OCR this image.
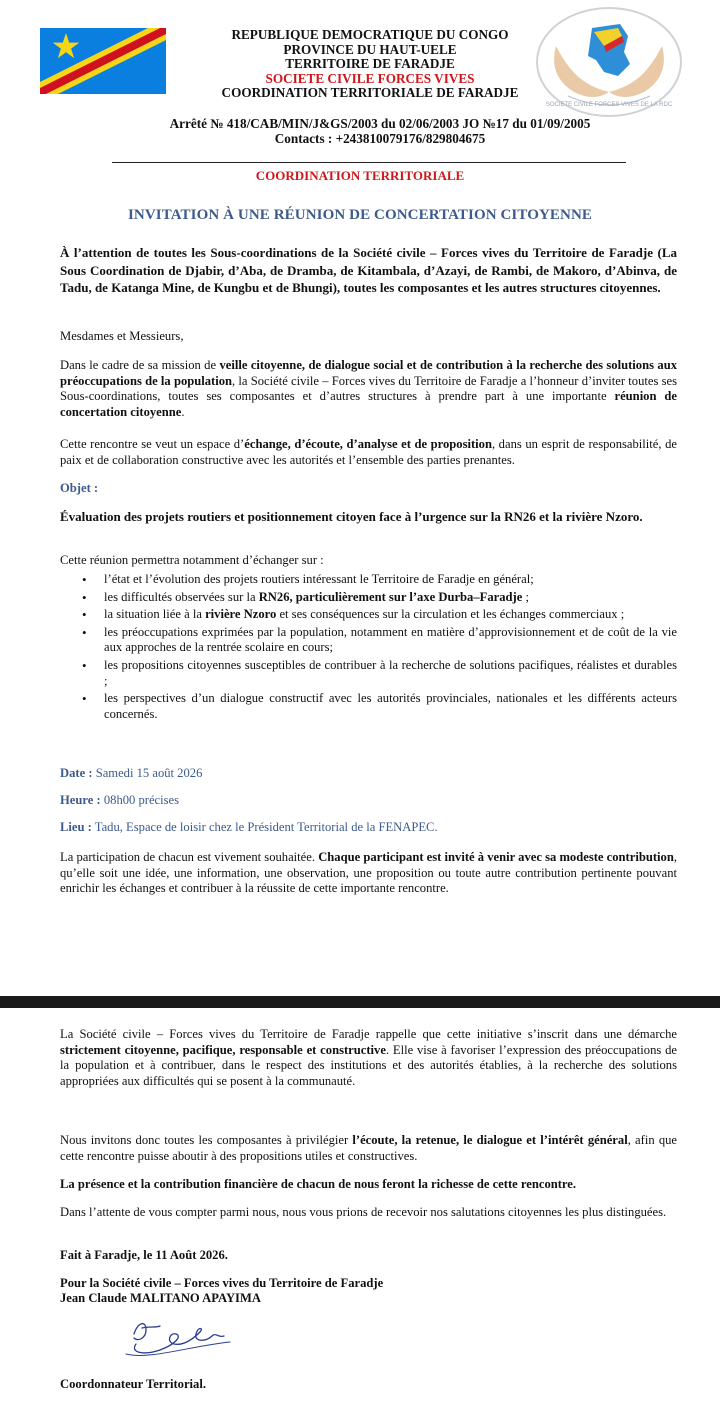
SOCIETE CIVILE FORCES VIVES DE LA RDC
REPUBLIQUE DEMOCRATIQUE DU CONGO
PROVINCE DU HAUT-UELE
TERRITOIRE DE FARADJE
SOCIETE CIVILE FORCES VIVES
COORDINATION TERRITORIALE DE FARADJE
Arrêté № 418/CAB/MIN/J&GS/2003 du 02/06/2003 JO №17 du 01/09/2005
Contacts : +243810079176/829804675
COORDINATION TERRITORIALE
INVITATION À UNE RÉUNION DE CONCERTATION CITOYENNE
À l’attention de toutes les Sous-coordinations de la Société civile – Forces vives du Territoire de Faradje (La Sous Coordination de Djabir, d’Aba, de Dramba, de Kitambala, d’Azayi, de Rambi, de Makoro, d’Abinva, de Tadu, de Katanga Mine, de Kungbu et de Bhungi), toutes les composantes et les autres structures citoyennes.
Mesdames et Messieurs,
Dans le cadre de sa mission de veille citoyenne, de dialogue social et de contribution à la recherche des solutions aux préoccupations de la population, la Société civile – Forces vives du Territoire de Faradje a l’honneur d’inviter toutes ses Sous-coordinations, toutes ses composantes et d’autres structures à prendre part à une importante réunion de concertation citoyenne.
Cette rencontre se veut un espace d’échange, d’écoute, d’analyse et de proposition, dans un esprit de responsabilité, de paix et de collaboration constructive avec les autorités et l’ensemble des parties prenantes.
Objet :
Évaluation des projets routiers et positionnement citoyen face à l’urgence sur la RN26 et la rivière Nzoro.
Cette réunion permettra notamment d’échanger sur :
• l’état et l’évolution des projets routiers intéressant le Territoire de Faradje en général;
• les difficultés observées sur la RN26, particulièrement sur l’axe Durba–Faradje ;
• la situation liée à la rivière Nzoro et ses conséquences sur la circulation et les échanges commerciaux ;
• les préoccupations exprimées par la population, notamment en matière d’approvisionnement et de coût de la vie aux approches de la rentrée scolaire en cours;
• les propositions citoyennes susceptibles de contribuer à la recherche de solutions pacifiques, réalistes et durables ;
• les perspectives d’un dialogue constructif avec les autorités provinciales, nationales et les différents acteurs concernés.
Date : Samedi 15 août 2026
Heure : 08h00 précises
Lieu : Tadu, Espace de loisir chez le Président Territorial de la FENAPEC.
La participation de chacun est vivement souhaitée. Chaque participant est invité à venir avec sa modeste contribution, qu’elle soit une idée, une information, une observation, une proposition ou toute autre contribution pertinente pouvant enrichir les échanges et contribuer à la réussite de cette importante rencontre.
La Société civile – Forces vives du Territoire de Faradje rappelle que cette initiative s’inscrit dans une démarche strictement citoyenne, pacifique, responsable et constructive. Elle vise à favoriser l’expression des préoccupations de la population et à contribuer, dans le respect des institutions et des autorités établies, à la recherche des solutions appropriées aux difficultés qui se posent à la communauté.
Nous invitons donc toutes les composantes à privilégier l’écoute, la retenue, le dialogue et l’intérêt général, afin que cette rencontre puisse aboutir à des propositions utiles et constructives.
La présence et la contribution financière de chacun de nous feront la richesse de cette rencontre.
Dans l’attente de vous compter parmi nous, nous vous prions de recevoir nos salutations citoyennes les plus distinguées.
Fait à Faradje, le 11 Août 2026.
Pour la Société civile – Forces vives du Territoire de Faradje
Jean Claude MALITANO APAYIMA
Coordonnateur Territorial.
